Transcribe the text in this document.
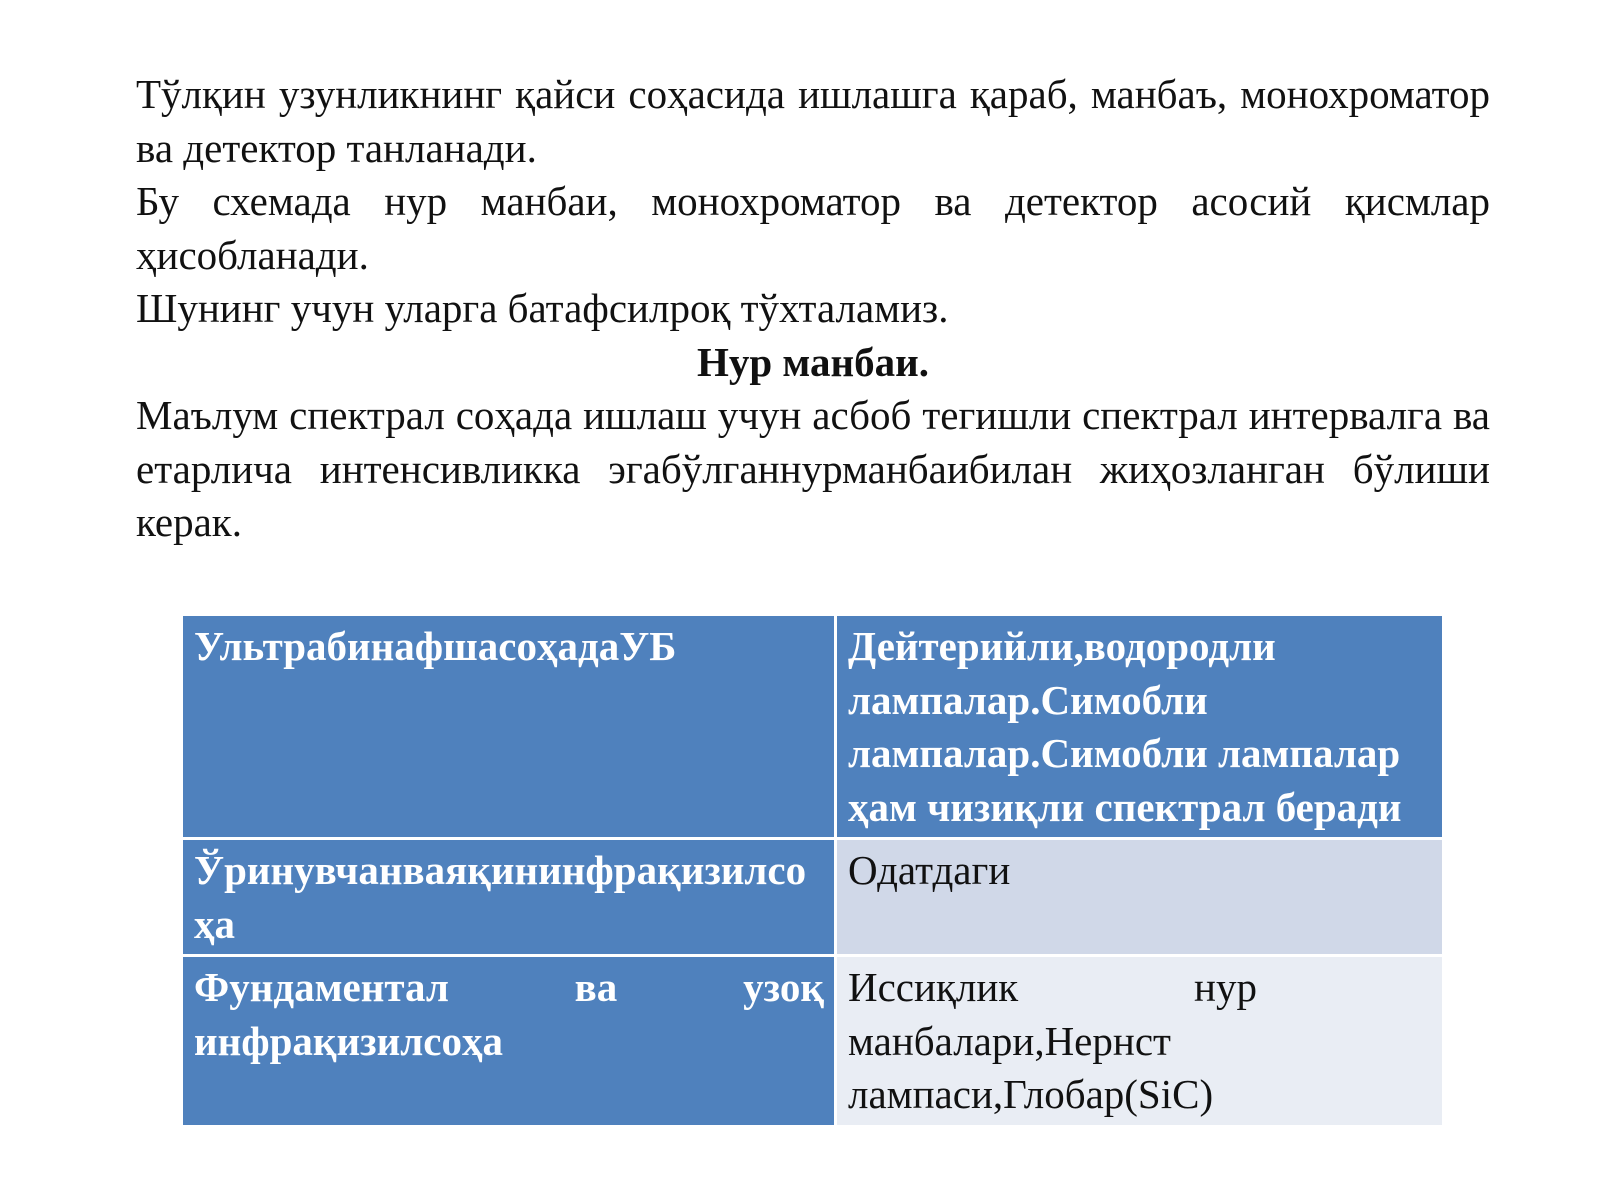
Тўлқин узунликнинг қайси соҳасида ишлашга қараб, манбаъ, монохроматор ва детектор танланади.

Бу схемада нур манбаи, монохроматор ва детектор асосий қисмлар ҳисобланади.

Шунинг учун уларга батафсилроқ тўхталамиз.

Нур манбаи.

Маълум спектрал соҳада ишлаш учун асбоб тегишли спектрал интервалга ва етарлича интенсивликка эгабўлганнурманбаибилан жиҳозланган бўлиши керак.

УльтрабинафшасоҳадаУБ	Дейтерийли,водородли лампалар.Симобли лампалар.Симобли лампалар ҳам чизиқли спектрал беради
Ўринувчанваяқининфрақизилсоҳа	Одатдаги
Фундаментал ва узоқ инфрақизилсоҳа	Иссиқлик нур манбалари,Нернст лампаси,Глобар(SiC)
